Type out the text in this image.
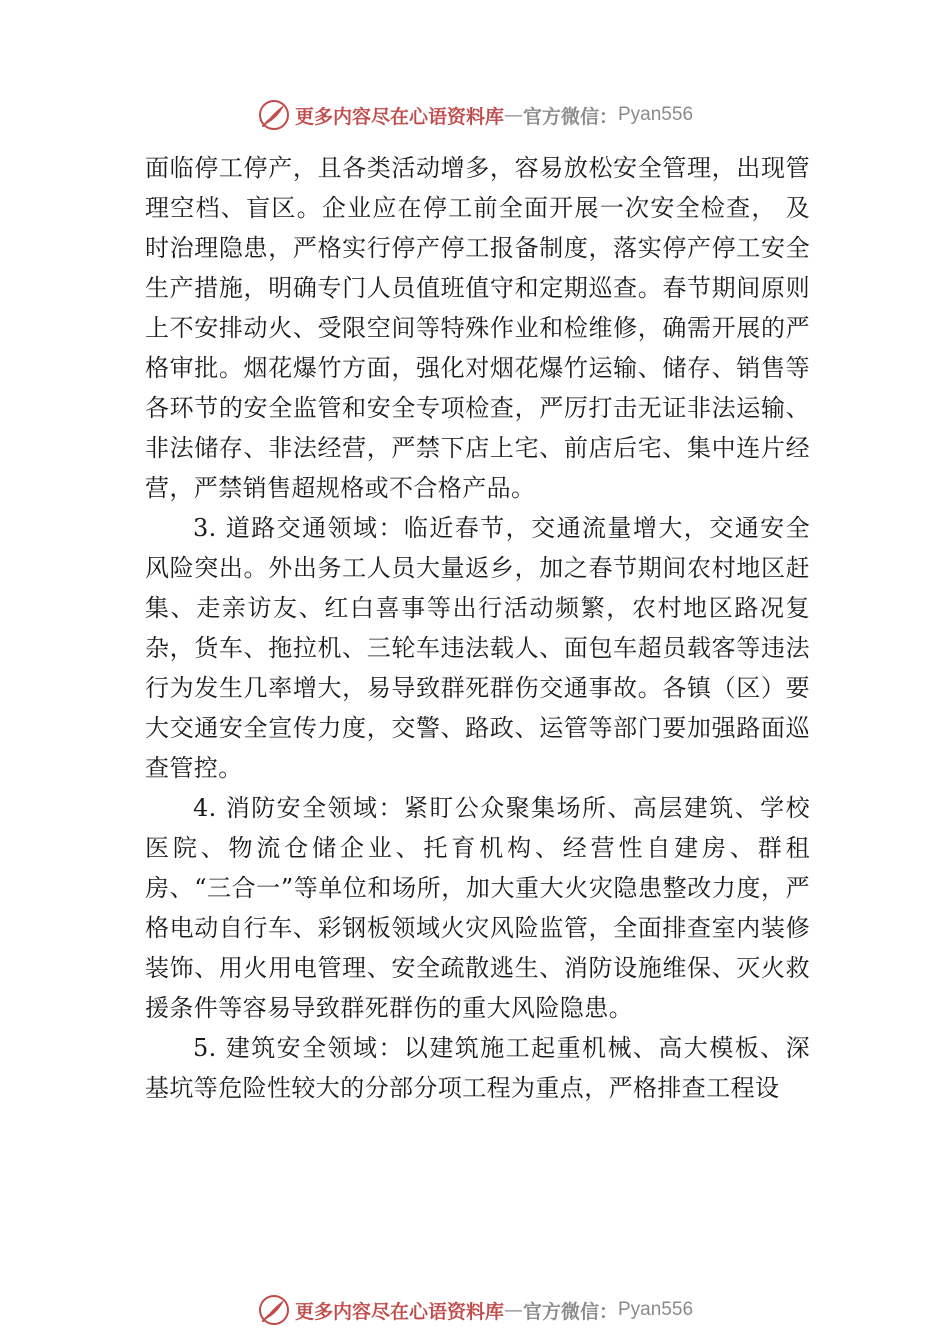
更多内容尽在心语资料库 — 官方微信： Pyan556

面临停工停产，且各类活动增多，容易放松安全管理，出现管理空档、盲区。企业应在停工前全面开展一次安全检查， 及时治理隐患，严格实行停产停工报备制度，落实停产停工安全生产措施，明确专门人员值班值守和定期巡查。春节期间原则上不安排动火、受限空间等特殊作业和检维修，确需开展的严格审批。烟花爆竹方面，强化对烟花爆竹运输、储存、销售等各环节的安全监管和安全专项检查，严厉打击无证非法运输、非法储存、非法经营，严禁下店上宅、前店后宅、集中连片经营，严禁销售超规格或不合格产品。

3. 道路交通领域：临近春节，交通流量增大，交通安全风险突出。外出务工人员大量返乡，加之春节期间农村地区赶集、走亲访友、红白喜事等出行活动频繁，农村地区路况复杂，货车、拖拉机、三轮车违法载人、面包车超员载客等违法行为发生几率增大，易导致群死群伤交通事故。各镇（区）要大交通安全宣传力度，交警、路政、运管等部门要加强路面巡查管控。

4. 消防安全领域：紧盯公众聚集场所、高层建筑、学校医院、物流仓储企业、托育机构、经营性自建房、群租房、“三合一”等单位和场所，加大重大火灾隐患整改力度，严格电动自行车、彩钢板领域火灾风险监管，全面排查室内装修装饰、用火用电管理、安全疏散逃生、消防设施维保、灭火救援条件等容易导致群死群伤的重大风险隐患。

5. 建筑安全领域：以建筑施工起重机械、高大模板、深基坑等危险性较大的分部分项工程为重点，严格排查工程设

更多内容尽在心语资料库 — 官方微信： Pyan556
